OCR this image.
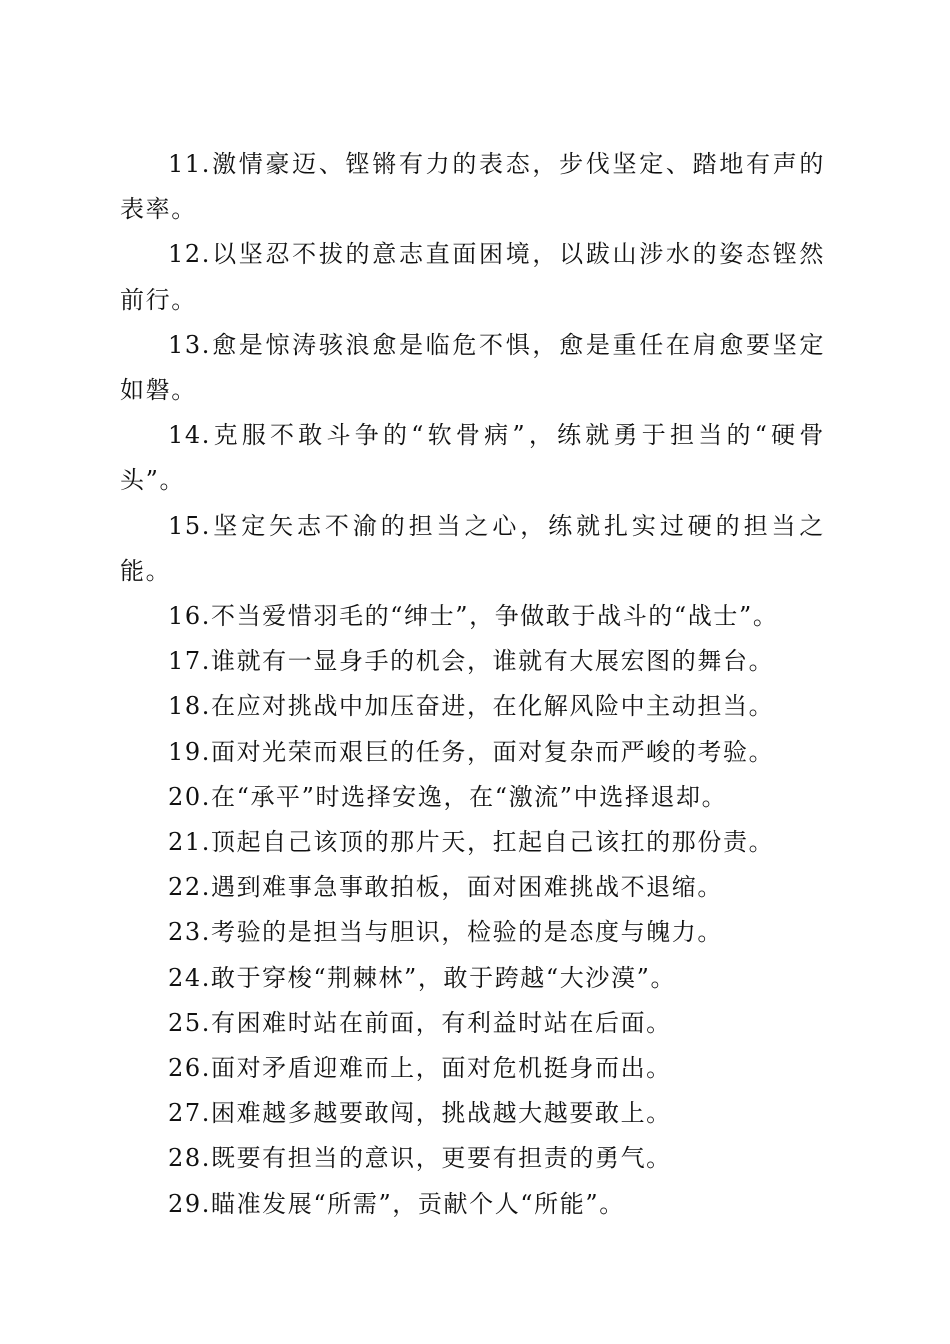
11.激情豪迈、铿锵有力的表态，步伐坚定、踏地有声的表率。

12.以坚忍不拔的意志直面困境，以跋山涉水的姿态铿然前行。

13.愈是惊涛骇浪愈是临危不惧，愈是重任在肩愈要坚定如磐。

14.克服不敢斗争的“软骨病”，练就勇于担当的“硬骨头”。

15.坚定矢志不渝的担当之心，练就扎实过硬的担当之能。

16.不当爱惜羽毛的“绅士”，争做敢于战斗的“战士”。

17.谁就有一显身手的机会，谁就有大展宏图的舞台。

18.在应对挑战中加压奋进，在化解风险中主动担当。

19.面对光荣而艰巨的任务，面对复杂而严峻的考验。

20.在“承平”时选择安逸，在“激流”中选择退却。

21.顶起自己该顶的那片天，扛起自己该扛的那份责。

22.遇到难事急事敢拍板，面对困难挑战不退缩。

23.考验的是担当与胆识，检验的是态度与魄力。

24.敢于穿梭“荆棘林”，敢于跨越“大沙漠”。

25.有困难时站在前面，有利益时站在后面。

26.面对矛盾迎难而上，面对危机挺身而出。

27.困难越多越要敢闯，挑战越大越要敢上。

28.既要有担当的意识，更要有担责的勇气。

29.瞄准发展“所需”，贡献个人“所能”。
